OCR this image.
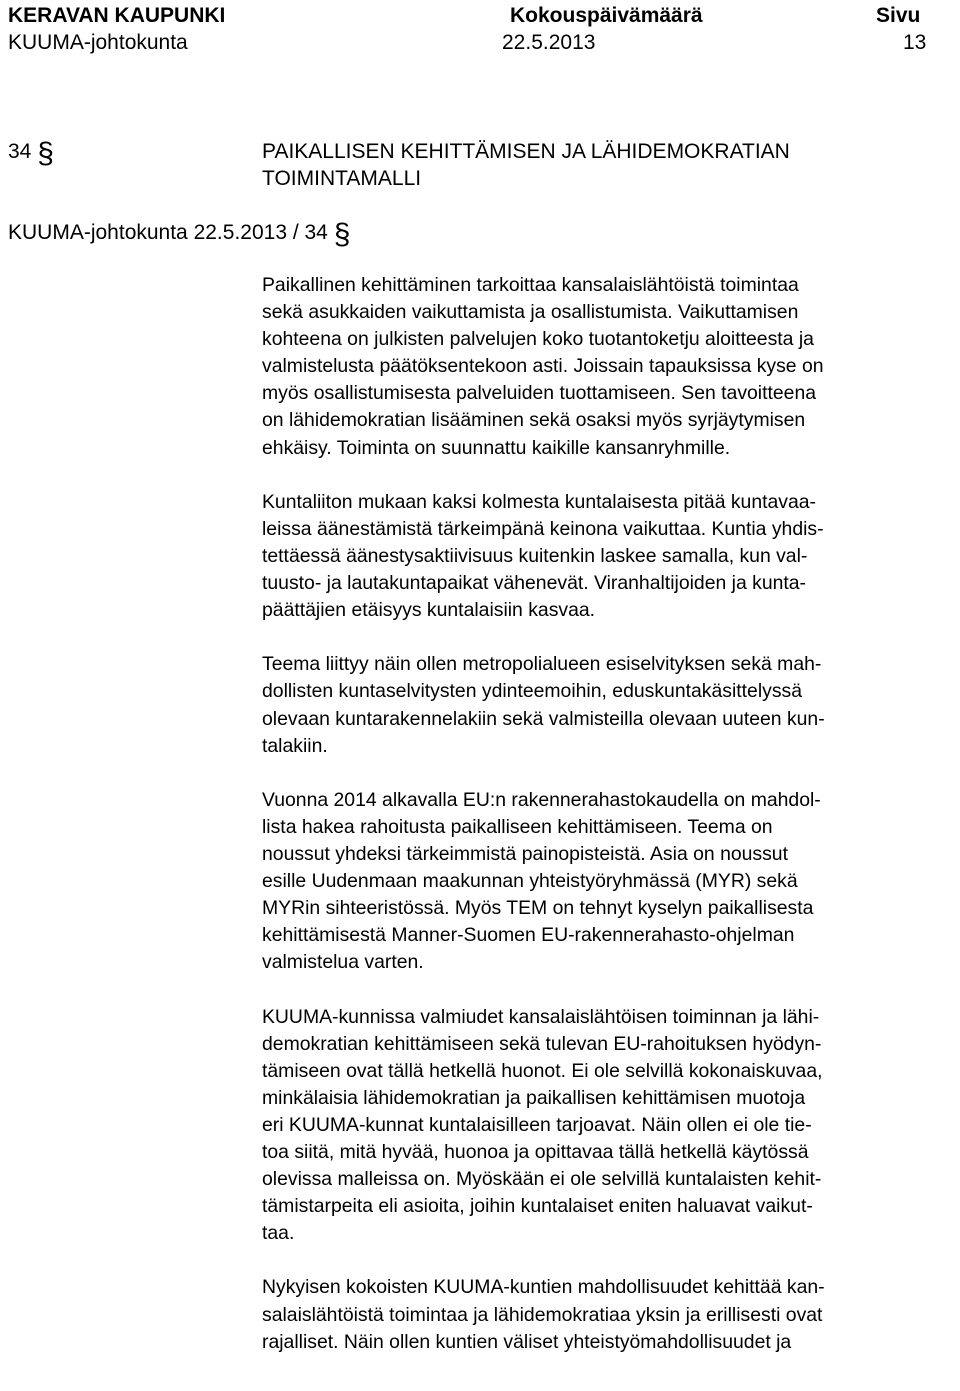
KERAVAN KAUPUNKI
KUUMA-johtokunta
Kokouspäivämäärä
22.5.2013
Sivu
13
34 §	PAIKALLISEN KEHITTÄMISEN JA LÄHIDEMOKRATIAN
TOIMINTAMALLI
KUUMA-johtokunta 22.5.2013 / 34 §
Paikallinen kehittäminen tarkoittaa kansalaislähtöistä toimintaa
sekä asukkaiden vaikuttamista ja osallistumista. Vaikuttamisen
kohteena on julkisten palvelujen koko tuotantoketju aloitteesta ja
valmistelusta päätöksentekoon asti. Joissain tapauksissa kyse on
myös osallistumisesta palveluiden tuottamiseen. Sen tavoitteena
on lähidemokratian lisääminen sekä osaksi myös syrjäytymisen
ehkäisy. Toiminta on suunnattu kaikille kansanryhmille.
Kuntaliiton mukaan kaksi kolmesta kuntalaisesta pitää kuntavaa-
leissa äänestämistä tärkeimpänä keinona vaikuttaa. Kuntia yhdis-
tettäessä äänestysaktiivisuus kuitenkin laskee samalla, kun val-
tuusto- ja lautakuntapaikat vähenevät. Viranhaltijoiden ja kunta-
päättäjien etäisyys kuntalaisiin kasvaa.
Teema liittyy näin ollen metropolialueen esiselvityksen sekä mah-
dollisten kuntaselvitysten ydinteemoihin, eduskuntakäsittelyssä
olevaan kuntarakennelakiin sekä valmisteilla olevaan uuteen kun-
talakiin.
Vuonna 2014 alkavalla EU:n rakennerahastokaudella on mahdol-
lista hakea rahoitusta paikalliseen kehittämiseen. Teema on
noussut yhdeksi tärkeimmistä painopisteistä. Asia on noussut
esille Uudenmaan maakunnan yhteistyöryhmässä (MYR) sekä
MYRin sihteeristössä. Myös TEM on tehnyt kyselyn paikallisesta
kehittämisestä Manner-Suomen EU-rakennerahasto-ohjelman
valmistelua varten.
KUUMA-kunnissa valmiudet kansalaislähtöisen toiminnan ja lähi-
demokratian kehittämiseen sekä tulevan EU-rahoituksen hyödyn-
tämiseen ovat tällä hetkellä huonot. Ei ole selvillä kokonaiskuvaa,
minkälaisia lähidemokratian ja paikallisen kehittämisen muotoja
eri KUUMA-kunnat kuntalaisilleen tarjoavat. Näin ollen ei ole tie-
toa siitä, mitä hyvää, huonoa ja opittavaa tällä hetkellä käytössä
olevissa malleissa on. Myöskään ei ole selvillä kuntalaisten kehit-
tämistarpeita eli asioita, joihin kuntalaiset eniten haluavat vaikut-
taa.
Nykyisen kokoisten KUUMA-kuntien mahdollisuudet kehittää kan-
salaislähtöistä toimintaa ja lähidemokratiaa yksin ja erillisesti ovat
rajalliset. Näin ollen kuntien väliset yhteistyömahdollisuudet ja
